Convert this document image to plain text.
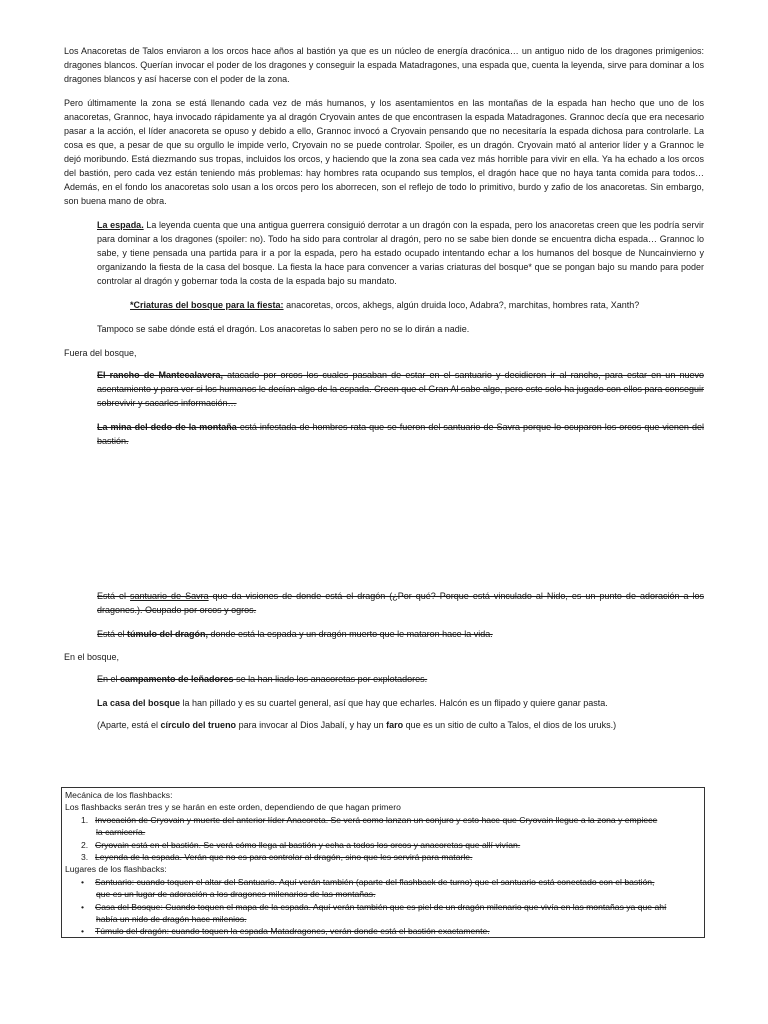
Los Anacoretas de Talos enviaron a los orcos hace años al bastión ya que es un núcleo de energía dracónica… un antiguo nido de los dragones primigenios: dragones blancos. Querían invocar el poder de los dragones y conseguir la espada Matadragones, una espada que, cuenta la leyenda, sirve para dominar a los dragones blancos y así hacerse con el poder de la zona.

Pero últimamente la zona se está llenando cada vez de más humanos, y los asentamientos en las montañas de la espada han hecho que uno de los anacoretas, Grannoc, haya invocado rápidamente ya al dragón Cryovain antes de que encontrasen la espada Matadragones. Grannoc decía que era necesario pasar a la acción, el líder anacoreta se opuso y debido a ello, Grannoc invocó a Cryovain pensando que no necesitaría la espada dichosa para controlarle. La cosa es que, a pesar de que su orgullo le impide verlo, Cryovain no se puede controlar. Spoiler, es un dragón. Cryovain mató al anterior líder y a Grannoc le dejó moribundo. Está diezmando sus tropas, incluidos los orcos, y haciendo que la zona sea cada vez más horrible para vivir en ella. Ya ha echado a los orcos del bastión, pero cada vez están teniendo más problemas: hay hombres rata ocupando sus templos, el dragón hace que no haya tanta comida para todos… Además, en el fondo los anacoretas solo usan a los orcos pero los aborrecen, son el reflejo de todo lo primitivo, burdo y zafio de los anacoretas. Sin embargo, son buena mano de obra.

La espada. La leyenda cuenta que una antigua guerrera consiguió derrotar a un dragón con la espada, pero los anacoretas creen que les podría servir para dominar a los dragones (spoiler: no). Todo ha sido para controlar al dragón, pero no se sabe bien donde se encuentra dicha espada… Grannoc lo sabe, y tiene pensada una partida para ir a por la espada, pero ha estado ocupado intentando echar a los humanos del bosque de Nuncainvierno y organizando la fiesta de la casa del bosque. La fiesta la hace para convencer a varias criaturas del bosque* que se pongan bajo su mando para poder controlar al dragón y gobernar toda la costa de la espada bajo su mandato.

*Criaturas del bosque para la fiesta: anacoretas, orcos, akhegs, algún druida loco, Adabra?, marchitas, hombres rata, Xanth?

Tampoco se sabe dónde está el dragón. Los anacoretas lo saben pero no se lo dirán a nadie.

Fuera del bosque,

El rancho de Mantecalavera, atacado por orcos los cuales pasaban de estar en el santuario y decidieron ir al rancho, para estar en un nuevo asentamiento y para ver si los humanos le decían algo de la espada. Creen que el Gran Al sabe algo, pero este solo ha jugado con ellos para conseguir sobrevivir y sacarles información…

La mina del dedo de la montaña está infestada de hombres rata que se fueron del santuario de Savra porque lo ocuparon los orcos que vienen del bastión.

Está el santuario de Savra que da visiones de donde está el dragón (¿Por qué? Porque está vinculado al Nido, es un punto de adoración a los dragones.). Ocupado por orcos y ogros.

Está el túmulo del dragón, donde está la espada y un dragón muerto que le mataron hace la vida.

En el bosque,

En el campamento de leñadores se la han liado los anacoretas por explotadores.

La casa del bosque la han pillado y es su cuartel general, así que hay que echarles. Halcón es un flipado y quiere ganar pasta.

(Aparte, está el círculo del trueno para invocar al Dios Jabalí, y hay un faro que es un sitio de culto a Talos, el dios de los uruks.)

Mecánica de los flashbacks:

Los flashbacks serán tres y se harán en este orden, dependiendo de que hagan primero

1. Invocación de Cryovain y muerte del anterior líder Anacoreta. Se verá como lanzan un conjuro y esto hace que Cryovain llegue a la zona y empiece

la carnicería.

2. Cryovain está en el bastión. Se verá cómo llega al bastión y echa a todos los orcos y anacoretas que allí vivían.

3. Leyenda de la espada. Verán que no es para controlar al dragón, sino que les servirá para matarle.

Lugares de los flashbacks:

• Santuario: cuando toquen el altar del Santuario. Aquí verán también (aparte del flashback de turno) que el santuario está conectado con el bastión,

que es un lugar de adoración a los dragones milenarios de las montañas.

• Casa del Bosque: Cuando toquen el mapa de la espada. Aquí verán también que es piel de un dragón milenario que vivía en las montañas ya que ahí

había un nido de dragón hace milenios.

• Túmulo del dragón: cuando toquen la espada Matadragones, verán donde está el bastión exactamente.
